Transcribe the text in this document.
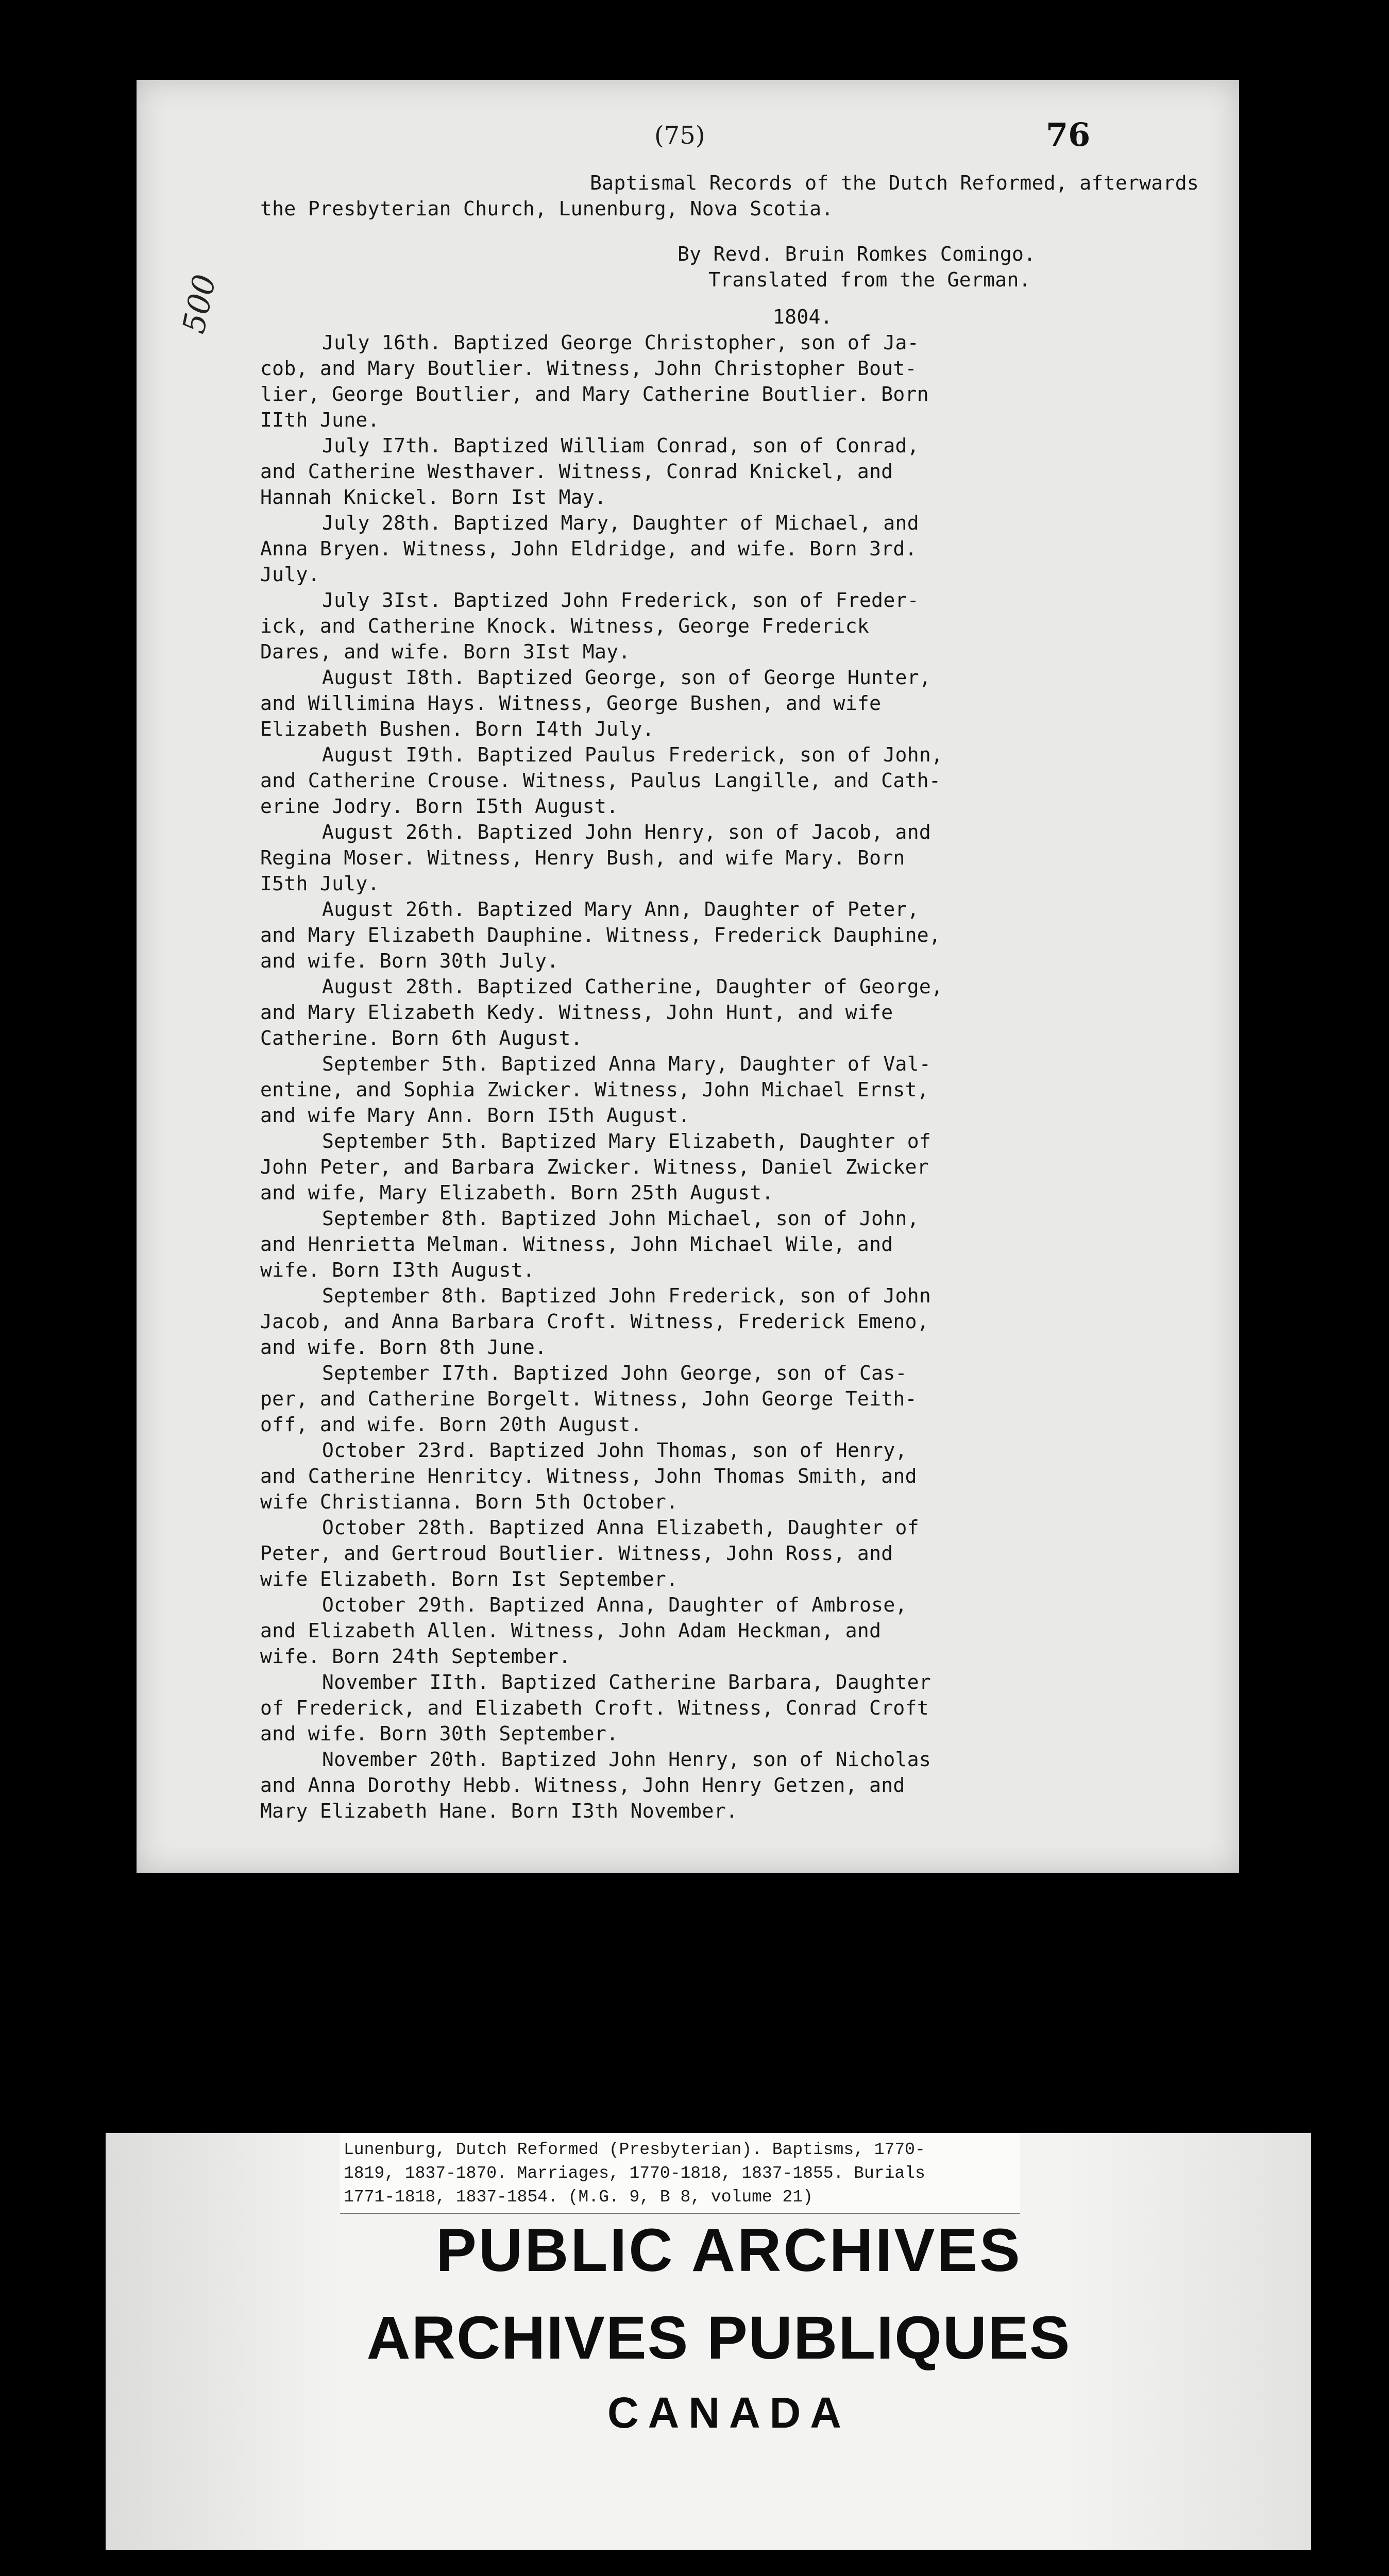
(75)	76
500
Baptismal Records of the Dutch Reformed, afterwards
the Presbyterian Church, Lunenburg, Nova Scotia.
By Revd. Bruin Romkes Comingo.
Translated from the German.
1804.
July 16th. Baptized George Christopher, son of Ja-
cob, and Mary Boutlier. Witness, John Christopher Bout-
lier, George Boutlier, and Mary Catherine Boutlier. Born
IIth June.
July I7th. Baptized William Conrad, son of Conrad,
and Catherine Westhaver. Witness, Conrad Knickel, and
Hannah Knickel. Born Ist May.
July 28th. Baptized Mary, Daughter of Michael, and
Anna Bryen. Witness, John Eldridge, and wife. Born 3rd.
July.
July 3Ist. Baptized John Frederick, son of Freder-
ick, and Catherine Knock. Witness, George Frederick
Dares, and wife. Born 3Ist May.
August I8th. Baptized George, son of George Hunter,
and Willimina Hays. Witness, George Bushen, and wife
Elizabeth Bushen. Born I4th July.
August I9th. Baptized Paulus Frederick, son of John,
and Catherine Crouse. Witness, Paulus Langille, and Cath-
erine Jodry. Born I5th August.
August 26th. Baptized John Henry, son of Jacob, and
Regina Moser. Witness, Henry Bush, and wife Mary. Born
I5th July.
August 26th. Baptized Mary Ann, Daughter of Peter,
and Mary Elizabeth Dauphine. Witness, Frederick Dauphine,
and wife. Born 30th July.
August 28th. Baptized Catherine, Daughter of George,
and Mary Elizabeth Kedy. Witness, John Hunt, and wife
Catherine. Born 6th August.
September 5th. Baptized Anna Mary, Daughter of Val-
entine, and Sophia Zwicker. Witness, John Michael Ernst,
and wife Mary Ann. Born I5th August.
September 5th. Baptized Mary Elizabeth, Daughter of
John Peter, and Barbara Zwicker. Witness, Daniel Zwicker
and wife, Mary Elizabeth. Born 25th August.
September 8th. Baptized John Michael, son of John,
and Henrietta Melman. Witness, John Michael Wile, and
wife. Born I3th August.
September 8th. Baptized John Frederick, son of John
Jacob, and Anna Barbara Croft. Witness, Frederick Emeno,
and wife. Born 8th June.
September I7th. Baptized John George, son of Cas-
per, and Catherine Borgelt. Witness, John George Teith-
off, and wife. Born 20th August.
October 23rd. Baptized John Thomas, son of Henry,
and Catherine Henritcy. Witness, John Thomas Smith, and
wife Christianna. Born 5th October.
October 28th. Baptized Anna Elizabeth, Daughter of
Peter, and Gertroud Boutlier. Witness, John Ross, and
wife Elizabeth. Born Ist September.
October 29th. Baptized Anna, Daughter of Ambrose,
and Elizabeth Allen. Witness, John Adam Heckman, and
wife. Born 24th September.
November IIth. Baptized Catherine Barbara, Daughter
of Frederick, and Elizabeth Croft. Witness, Conrad Croft
and wife. Born 30th September.
November 20th. Baptized John Henry, son of Nicholas
and Anna Dorothy Hebb. Witness, John Henry Getzen, and
Mary Elizabeth Hane. Born I3th November.
Lunenburg, Dutch Reformed (Presbyterian). Baptisms, 1770-
1819, 1837-1870. Marriages, 1770-1818, 1837-1855. Burials
1771-1818, 1837-1854. (M.G. 9, B 8, volume 21)
PUBLIC ARCHIVES
ARCHIVES PUBLIQUES
CANADA
